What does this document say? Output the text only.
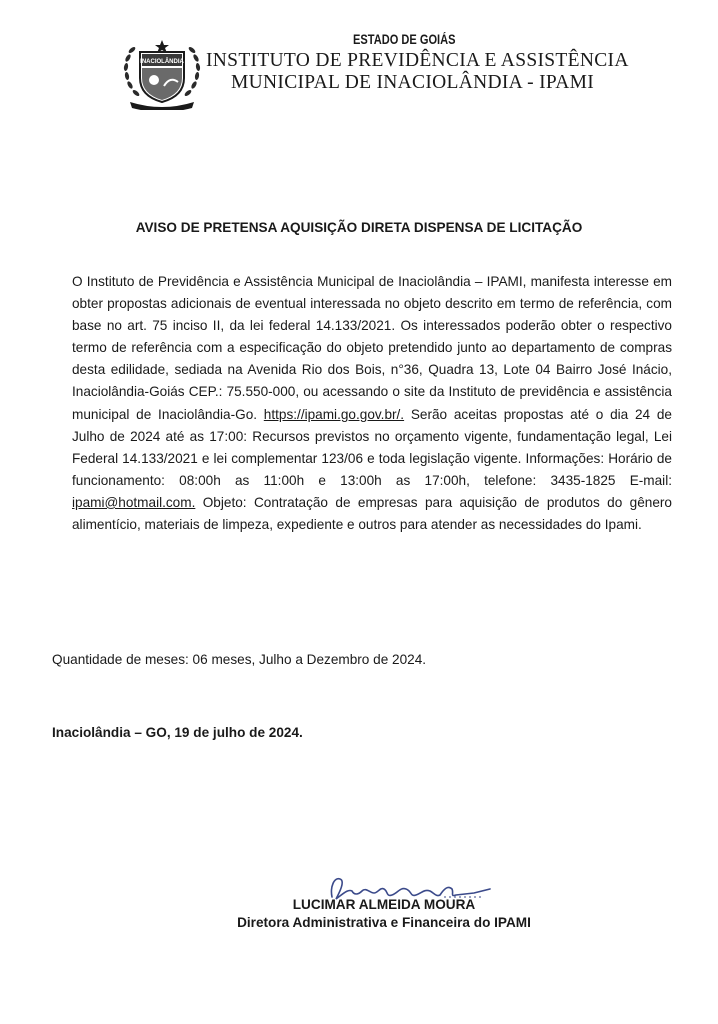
INACIOLÂNDIA
ESTADO DE GOIÁS
INSTITUTO DE PREVIDÊNCIA E ASSISTÊNCIA
MUNICIPAL DE INACIOLÂNDIA - IPAMI
AVISO DE PRETENSA AQUISIÇÃO DIRETA DISPENSA DE LICITAÇÃO
O Instituto de Previdência e Assistência Municipal de Inaciolândia – IPAMI, manifesta interesse em obter propostas adicionais de eventual interessada no objeto descrito em termo de referência, com base no art. 75 inciso II, da lei federal 14.133/2021. Os interessados poderão obter o respectivo termo de referência com a especificação do objeto pretendido junto ao departamento de compras desta edilidade, sediada na Avenida Rio dos Bois, n°36, Quadra 13, Lote 04 Bairro José Inácio, Inaciolândia-Goiás CEP.: 75.550-000, ou acessando o site da Instituto de previdência e assistência municipal de Inaciolândia-Go. https://ipami.go.gov.br/. Serão aceitas propostas até o dia 24 de Julho de 2024 até as 17:00: Recursos previstos no orçamento vigente, fundamentação legal, Lei Federal 14.133/2021 e lei complementar 123/06 e toda legislação vigente. Informações: Horário de funcionamento: 08:00h as 11:00h e 13:00h as 17:00h, telefone: 3435-1825 E-mail: ipami@hotmail.com. Objeto: Contratação de empresas para aquisição de produtos do gênero alimentício, materiais de limpeza, expediente e outros para atender as necessidades do Ipami.
Quantidade de meses: 06 meses, Julho a Dezembro de 2024.
Inaciolândia – GO, 19 de julho de 2024.
LUCIMAR ALMEIDA MOURA
Diretora Administrativa e Financeira do IPAMI
